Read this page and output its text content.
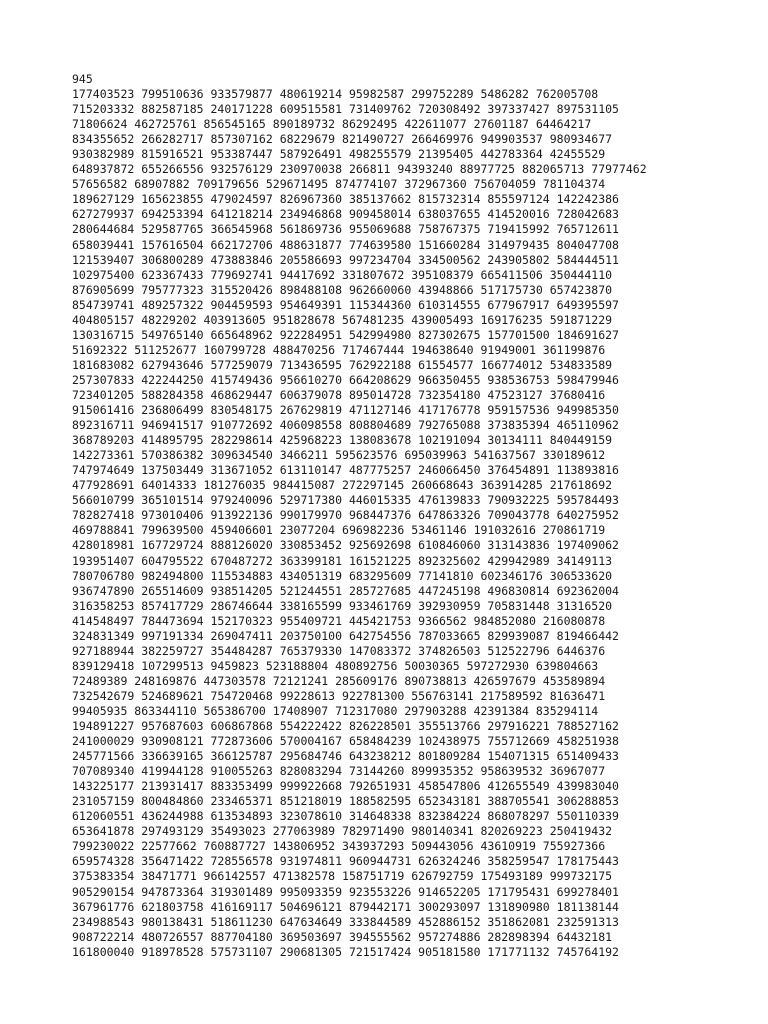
945
177403523 799510636 933579877 480619214 95982587 299752289 5486282 762005708
715203332 882587185 240171228 609515581 731409762 720308492 397337427 897531105
71806624 462725761 856545165 890189732 86292495 422611077 27601187 64464217
834355652 266282717 857307162 68229679 821490727 266469976 949903537 980934677
930382989 815916521 953387447 587926491 498255579 21395405 442783364 42455529
648937872 655266556 932576129 230970038 266811 94393240 88977725 882065713 77977462
57656582 68907882 709179656 529671495 874774107 372967360 756704059 781104374
189627129 165623855 479024597 826967360 385137662 815732314 855597124 142242386
627279937 694253394 641218214 234946868 909458014 638037655 414520016 728042683
280644684 529587765 366545968 561869736 955069688 758767375 719415992 765712611
658039441 157616504 662172706 488631877 774639580 151660284 314979435 804047708
121539407 306800289 473883846 205586693 997234704 334500562 243905802 584444511
102975400 623367433 779692741 94417692 331807672 395108379 665411506 350444110
876905699 795777323 315520426 898488108 962660060 43948866 517175730 657423870
854739741 489257322 904459593 954649391 115344360 610314555 677967917 649395597
404805157 48229202 403913605 951828678 567481235 439005493 169176235 591871229
130316715 549765140 665648962 922284951 542994980 827302675 157701500 184691627
51692322 511252677 160799728 488470256 717467444 194638640 91949001 361199876
181683082 627943646 577259079 713436595 762922188 61554577 166774012 534833589
257307833 422244250 415749436 956610270 664208629 966350455 938536753 598479946
723401205 588284358 468629447 606379078 895014728 732354180 47523127 37680416
915061416 236806499 830548175 267629819 471127146 417176778 959157536 949985350
892316711 946941517 910772692 406098558 808804689 792765088 373835394 465110962
368789203 414895795 282298614 425968223 138083678 102191094 30134111 840449159
142273361 570386382 309634540 3466211 595623576 695039963 541637567 330189612
747974649 137503449 313671052 613110147 487775257 246066450 376454891 113893816
477928691 64014333 181276035 984415087 272297145 260668643 363914285 217618692
566010799 365101514 979240096 529717380 446015335 476139833 790932225 595784493
782827418 973010406 913922136 990179970 968447376 647863326 709043778 640275952
469788841 799639500 459406601 23077204 696982236 53461146 191032616 270861719
428018981 167729724 888126020 330853452 925692698 610846060 313143836 197409062
193951407 604795522 670487272 363399181 161521225 892325602 429942989 34149113
780706780 982494800 115534883 434051319 683295609 77141810 602346176 306533620
936747890 265514609 938514205 521244551 285727685 447245198 496830814 692362004
316358253 857417729 286746644 338165599 933461769 392930959 705831448 31316520
414548497 784473694 152170323 955409721 445421753 9366562 984852080 216080878
324831349 997191334 269047411 203750100 642754556 787033665 829939087 819466442
927188944 382259727 354484287 765379330 147083372 374826503 512522796 6446376
839129418 107299513 9459823 523188804 480892756 50030365 597272930 639804663
72489389 248169876 447303578 72121241 285609176 890738813 426597679 453589894
732542679 524689621 754720468 99228613 922781300 556763141 217589592 81636471
99405935 863344110 565386700 17408907 712317080 297903288 42391384 835294114
194891227 957687603 606867868 554222422 826228501 355513766 297916221 788527162
241000029 930908121 772873606 570004167 658484239 102438975 755712669 458251938
245771566 336639165 366125787 295684746 643238212 801809284 154071315 651409433
707089340 419944128 910055263 828083294 73144260 899935352 958639532 36967077
143225177 213931417 883353499 999922668 792651931 458547806 412655549 439983040
231057159 800484860 233465371 851218019 188582595 652343181 388705541 306288853
612060551 436244988 613534893 323078610 314648338 832384224 868078297 550110339
653641878 297493129 35493023 277063989 782971490 980140341 820269223 250419432
799230022 22577662 760887727 143806952 343937293 509443056 43610919 755927366
659574328 356471422 728556578 931974811 960944731 626324246 358259547 178175443
375383354 38471771 966142557 471382578 158751719 626792759 175493189 999732175
905290154 947873364 319301489 995093359 923553226 914652205 171795431 699278401
367961776 621803758 416169117 504696121 879442171 300293097 131890980 181138144
234988543 980138431 518611230 647634649 333844589 452886152 351862081 232591313
908722214 480726557 887704180 369503697 394555562 957274886 282898394 64432181
161800040 918978528 575731107 290681305 721517424 905181580 171771132 745764192
